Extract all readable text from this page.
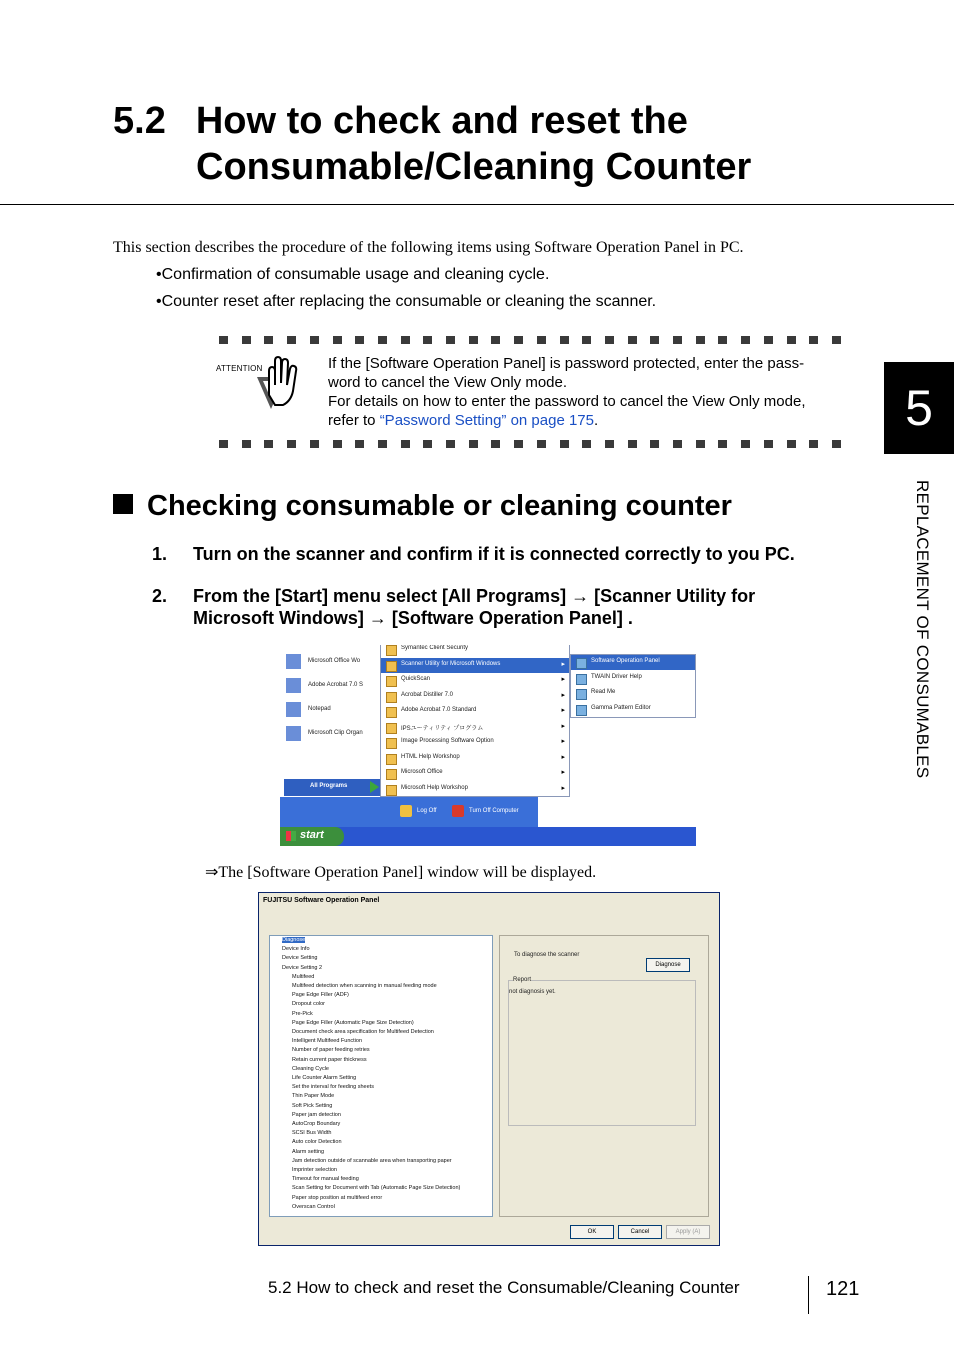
5.2 How to check and reset the
Consumable/Cleaning Counter
This section describes the procedure of the following items using Software Operation Panel in PC.
•Confirmation of consumable usage and cleaning cycle.
•Counter reset after replacing the consumable or cleaning the scanner.
ATTENTION	If the [Software Operation Panel] is password protected, enter the pass-
word to cancel the View Only mode.
For details on how to enter the password to cancel the View Only mode,
refer to “Password Setting” on page 175.	5
REPLACEMENT OF CONSUMABLES
Checking consumable or cleaning counter
1. Turn on the scanner and confirm if it is connected correctly to you PC.
2. From the [Start] menu select [All Programs] → [Scanner Utility for
Microsoft Windows] → [Software Operation Panel] .
Microsoft Office Wo
Adobe Acrobat 7.0 S
Notepad
Microsoft Clip Organ
All Programs
Log Off	Turn Off Computer
start
Symantec Client Security
Scanner Utility for Microsoft Windows	▸
QuickScan	▸
Acrobat Distiller 7.0	▸
Adobe Acrobat 7.0 Standard	▸
IPSユーティリティ プログラム	▸
Image Processing Software Option	▸
HTML Help Workshop	▸
Microsoft Office	▸
Microsoft Help Workshop	▸
Software Operation Panel
TWAIN Driver Help
Read Me
Gamma Pattern Editor
⇒The [Software Operation Panel] window will be displayed.
FUJITSU Software Operation Panel
Diagnose
Device Info
Device Setting
Device Setting 2
Multifeed
Multifeed detection when scanning in manual feeding mode
Page Edge Filler (ADF)
Dropout color
Pre-Pick
Page Edge Filler (Automatic Page Size Detection)
Document check area specification for Multifeed Detection
Intelligent Multifeed Function
Number of paper feeding retries
Retain current paper thickness
Cleaning Cycle
Life Counter Alarm Setting
Set the interval for feeding sheets
Thin Paper Mode
Soft Pick Setting
Paper jam detection
AutoCrop Boundary
SCSI Bus Width
Auto color Detection
Alarm setting
Jam detection outside of scannable area when transporting paper
Imprinter selection
Timeout for manual feeding
Scan Setting for Document with Tab (Automatic Page Size Detection)
Paper stop position at multifeed error
Overscan Control
To diagnose the scanner
Diagnose
Report
not diagnosis yet.
OK	Cancel	Apply (A)
5.2 How to check and reset the Consumable/Cleaning Counter	121
